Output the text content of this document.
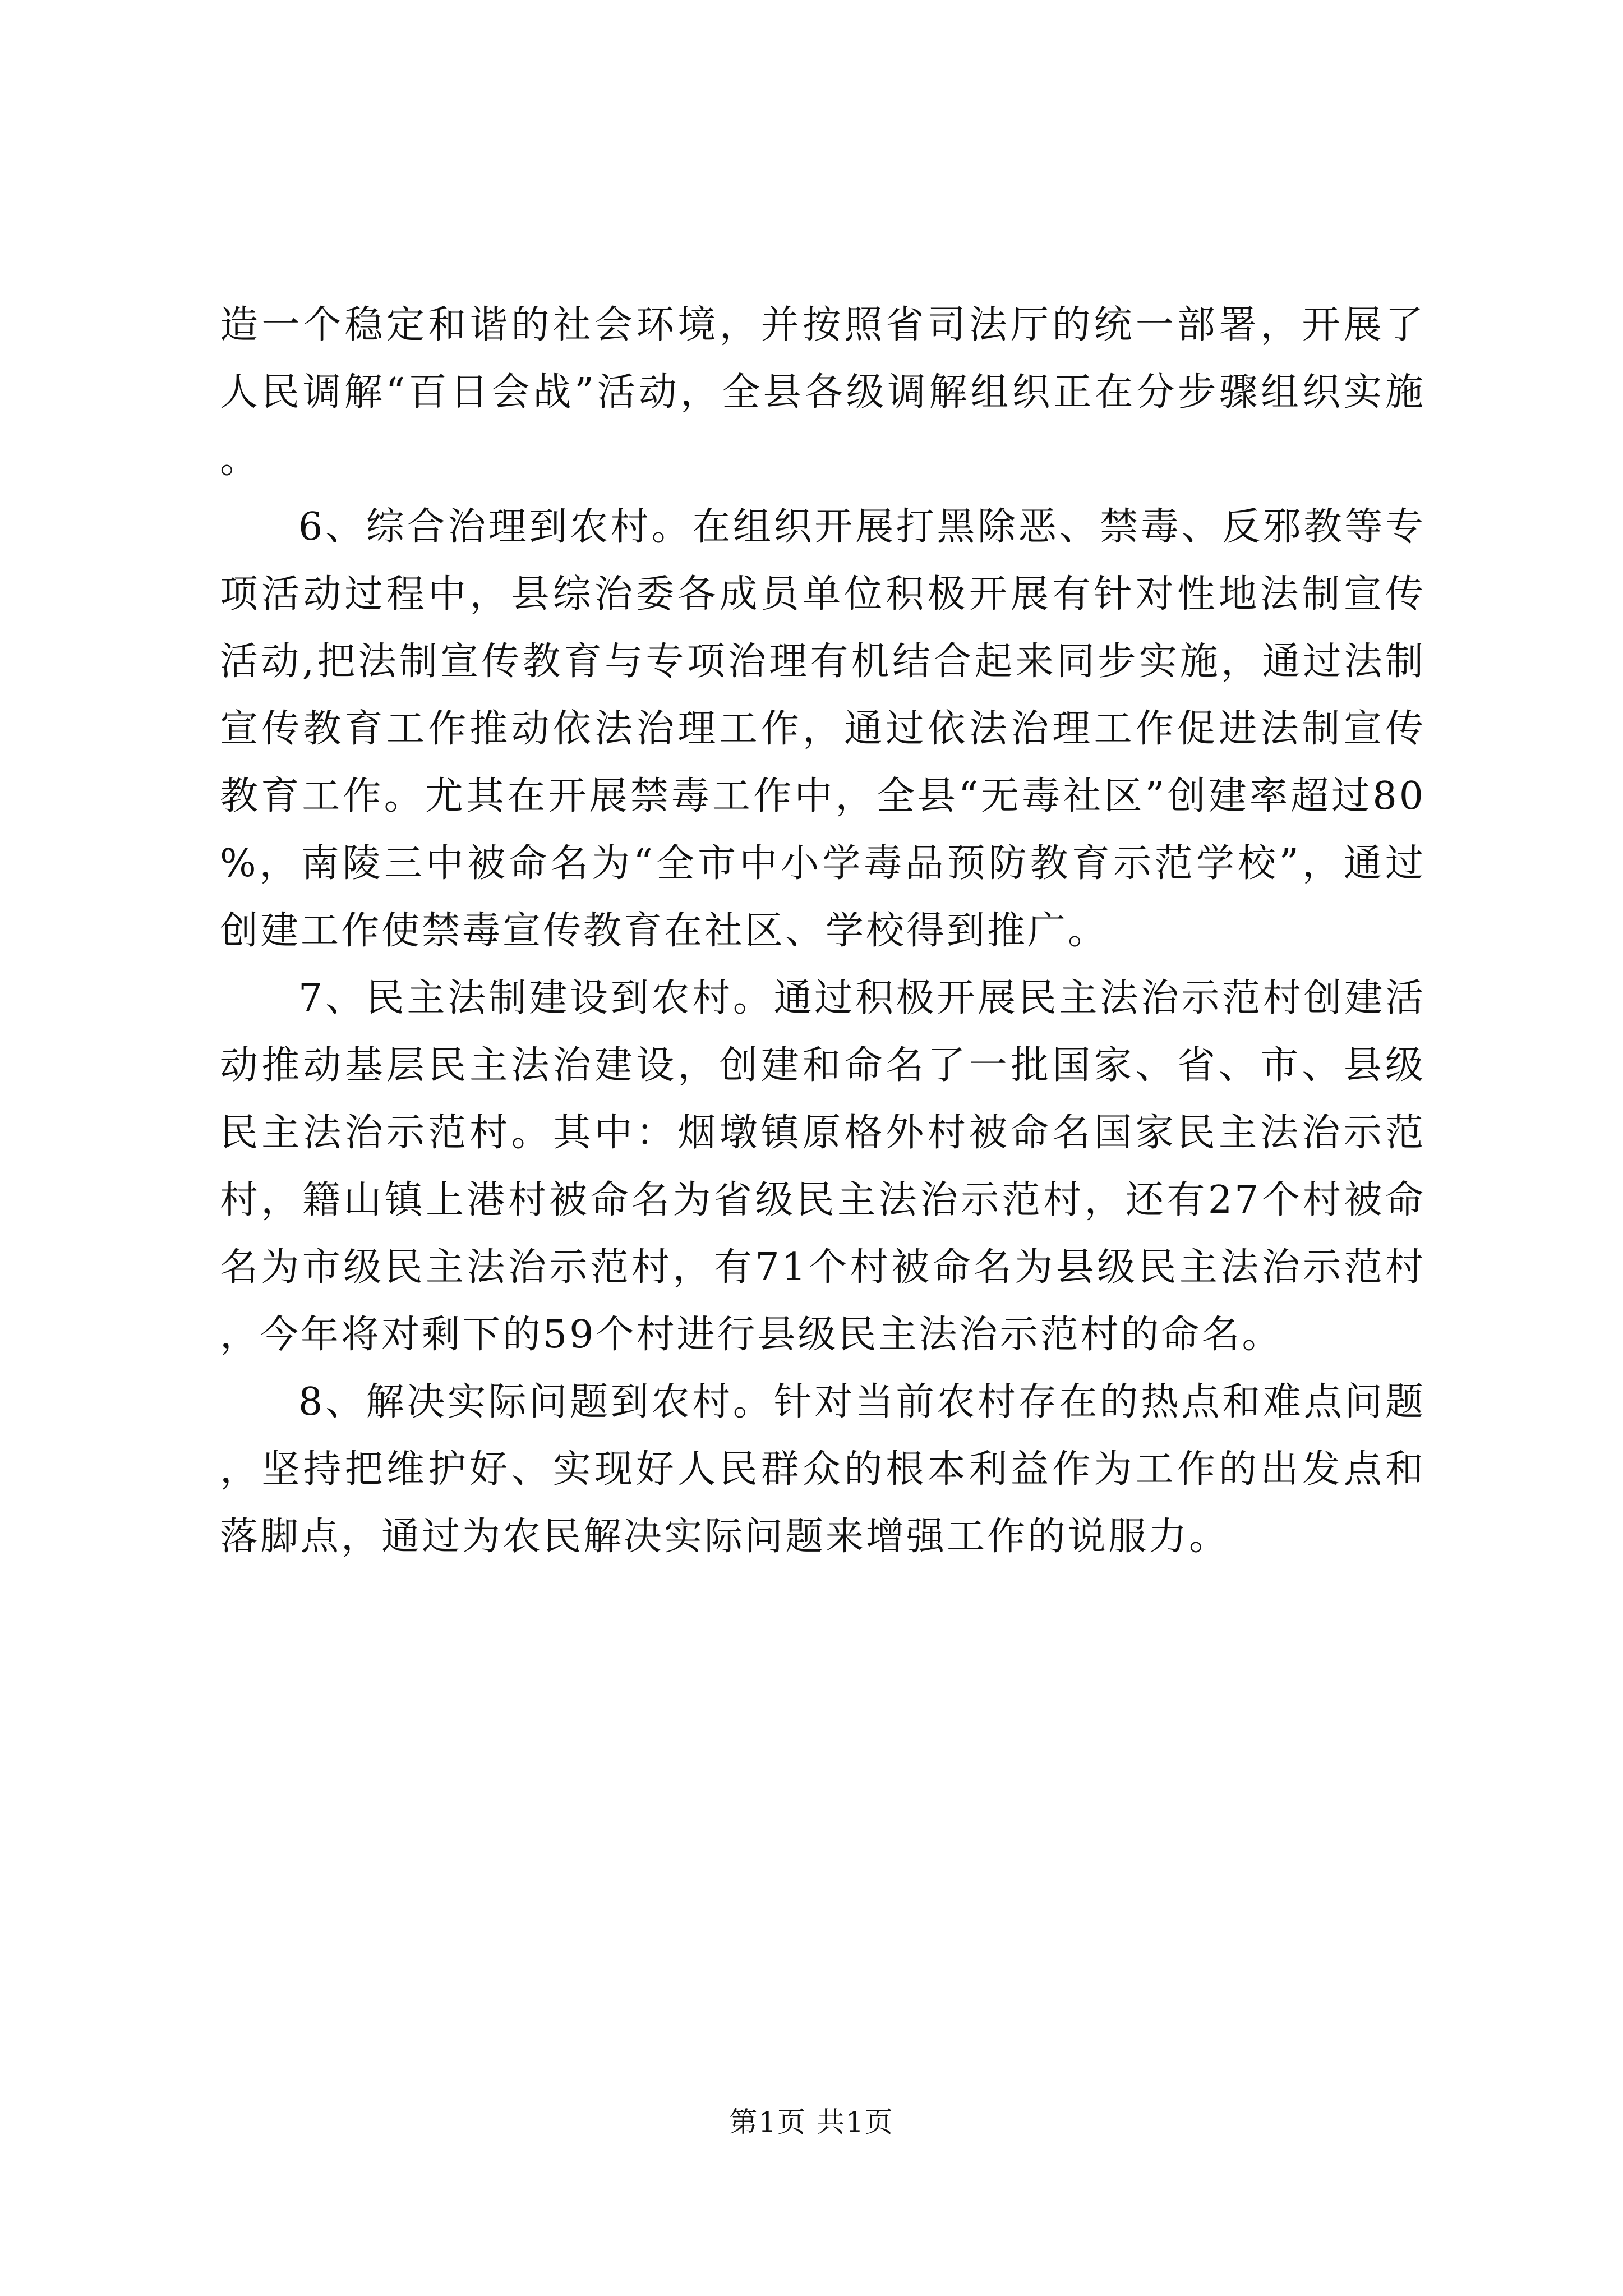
造一个稳定和谐的社会环境，并按照省司法厅的统一部署，开展了人民调解“百日会战”活动，全县各级调解组织正在分步骤组织实施。

6、综合治理到农村。在组织开展打黑除恶、禁毒、反邪教等专项活动过程中，县综治委各成员单位积极开展有针对性地法制宣传活动,把法制宣传教育与专项治理有机结合起来同步实施，通过法制宣传教育工作推动依法治理工作，通过依法治理工作促进法制宣传教育工作。尤其在开展禁毒工作中，全县“无毒社区”创建率超过80%，南陵三中被命名为“全市中小学毒品预防教育示范学校”，通过创建工作使禁毒宣传教育在社区、学校得到推广。

7、民主法制建设到农村。通过积极开展民主法治示范村创建活动推动基层民主法治建设，创建和命名了一批国家、省、市、县级民主法治示范村。其中：烟墩镇原格外村被命名国家民主法治示范村，籍山镇上港村被命名为省级民主法治示范村，还有27个村被命名为市级民主法治示范村，有71个村被命名为县级民主法治示范村，今年将对剩下的59个村进行县级民主法治示范村的命名。

8、解决实际问题到农村。针对当前农村存在的热点和难点问题，坚持把维护好、实现好人民群众的根本利益作为工作的出发点和落脚点，通过为农民解决实际问题来增强工作的说服力。

第1页 共1页
